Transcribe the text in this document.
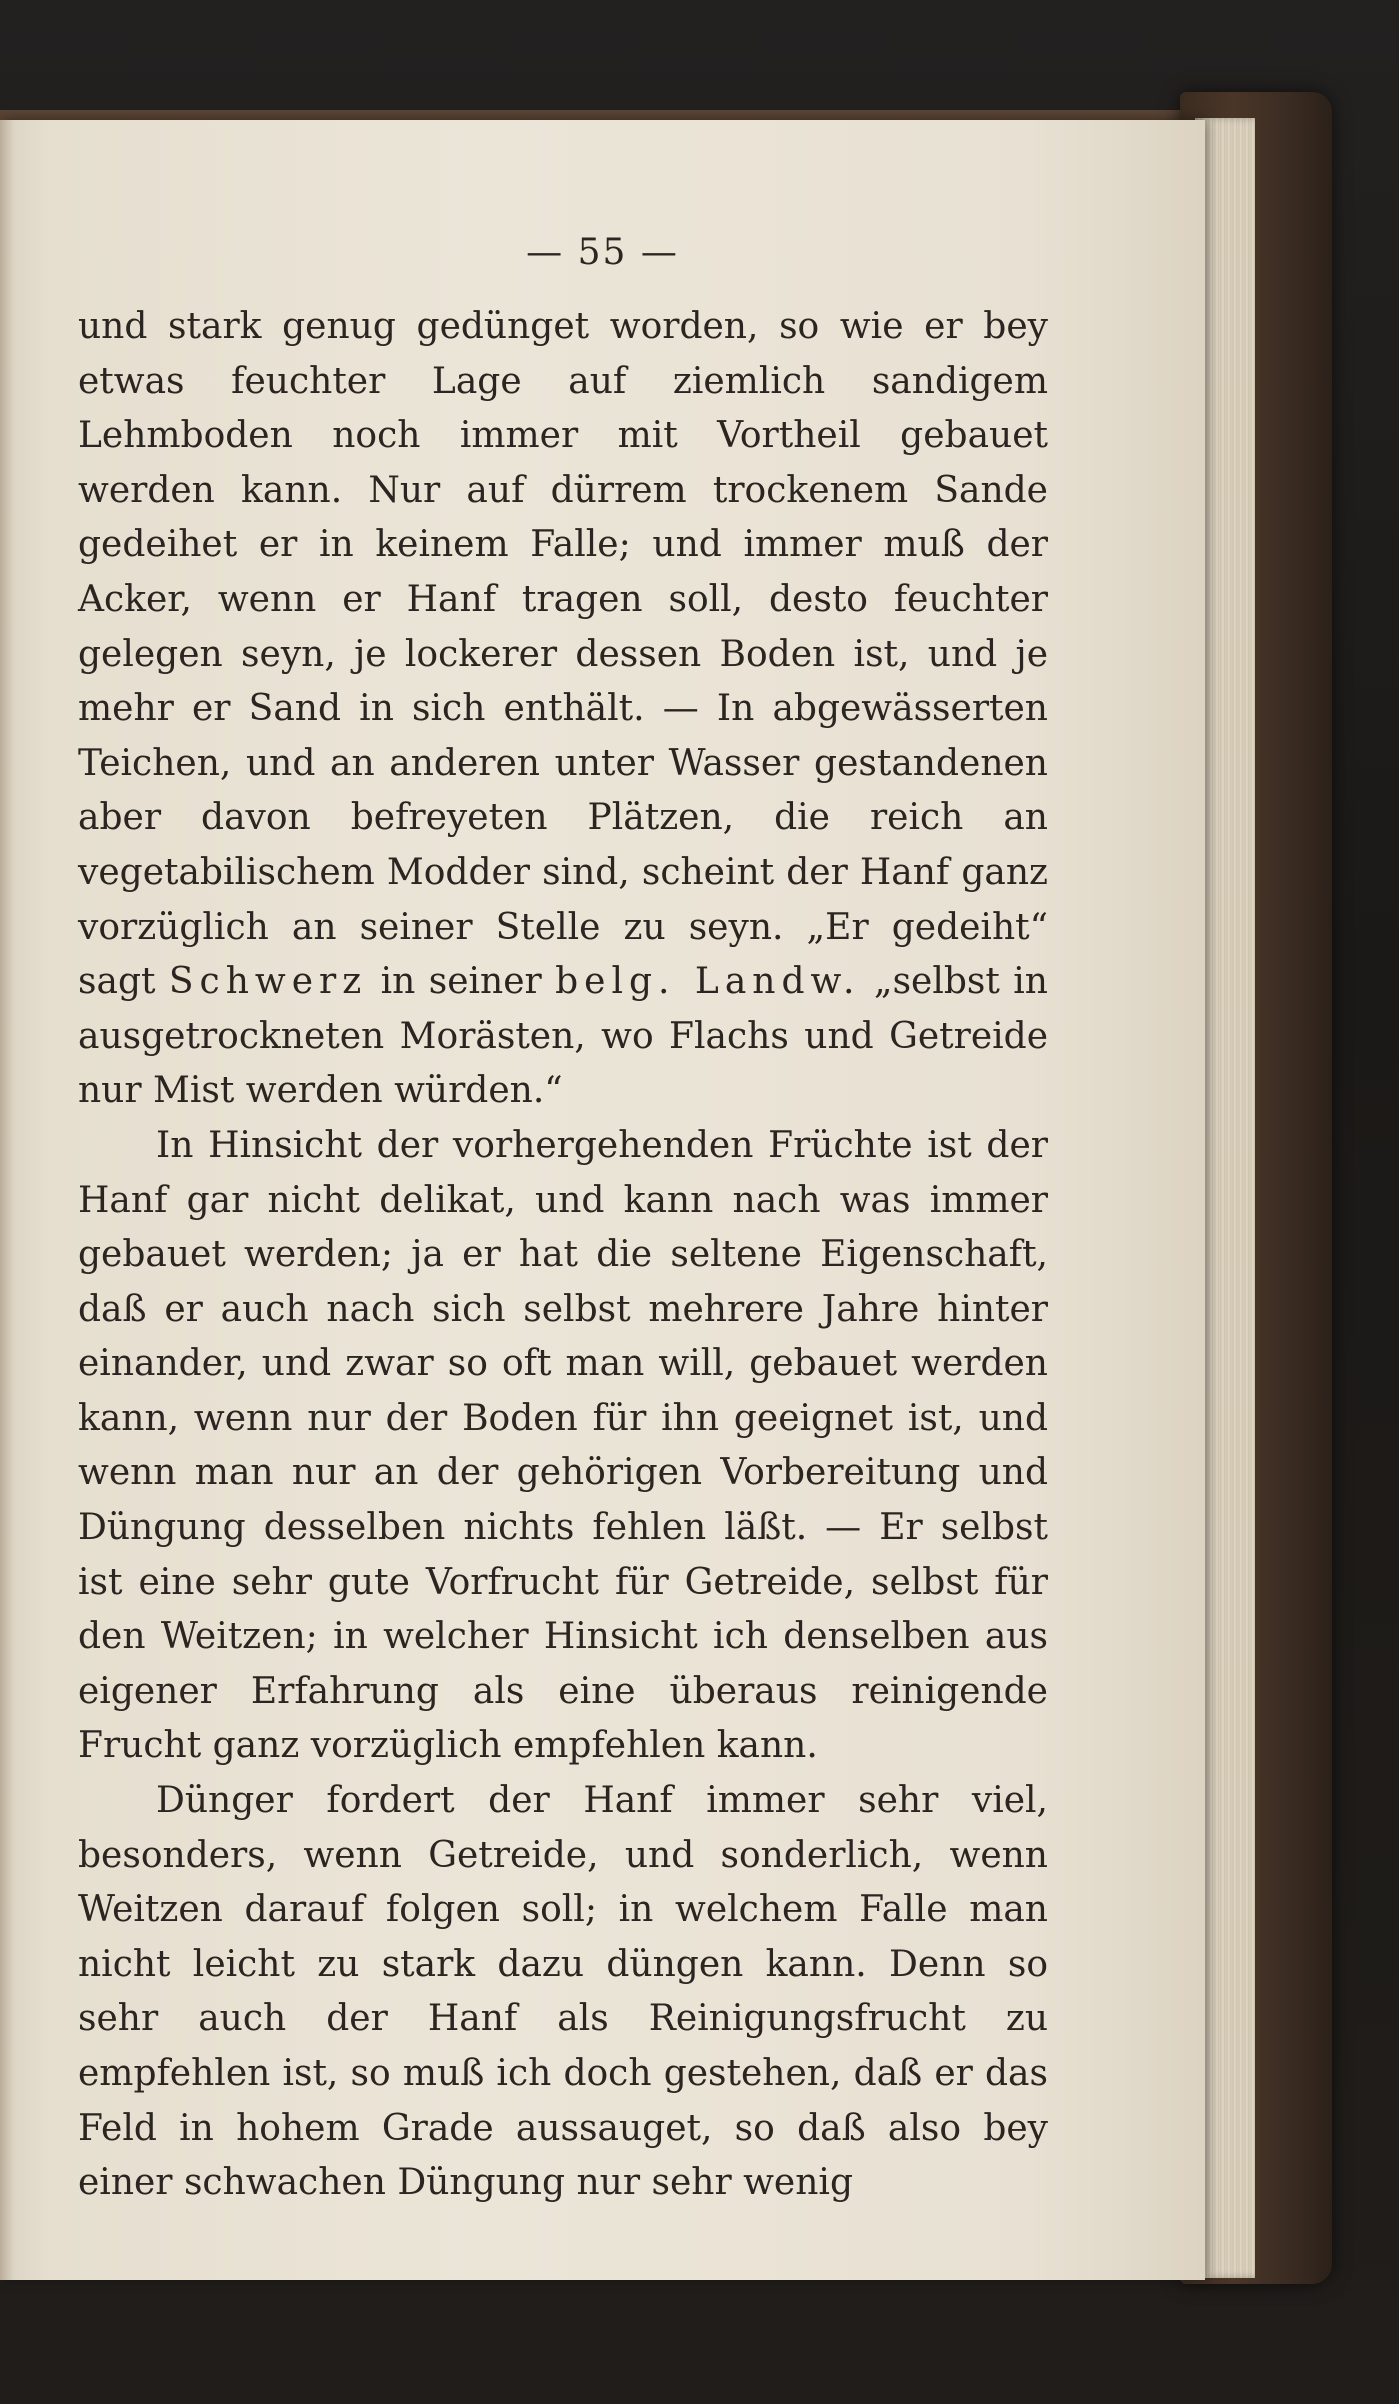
— 55 —

und stark genug gedünget worden, so wie er bey etwas feuchter Lage auf ziemlich sandigem Lehmboden noch immer mit Vortheil gebauet werden kann. Nur auf dürrem trockenem Sande gedeihet er in keinem Falle; und immer muß der Acker, wenn er Hanf tragen soll, desto feuchter gelegen seyn, je lockerer dessen Boden ist, und je mehr er Sand in sich enthält. — In abgewässerten Teichen, und an anderen unter Wasser gestandenen aber davon befreyeten Plätzen, die reich an vegetabilischem Modder sind, scheint der Hanf ganz vorzüglich an seiner Stelle zu seyn. „Er gedeiht“ sagt Schwerz in seiner belg. Landw. „selbst in ausgetrockneten Morästen, wo Flachs und Getreide nur Mist werden würden.“

In Hinsicht der vorhergehenden Früchte ist der Hanf gar nicht delikat, und kann nach was immer gebauet werden; ja er hat die seltene Eigenschaft, daß er auch nach sich selbst mehrere Jahre hinter einander, und zwar so oft man will, gebauet werden kann, wenn nur der Boden für ihn geeignet ist, und wenn man nur an der gehörigen Vorbereitung und Düngung desselben nichts fehlen läßt. — Er selbst ist eine sehr gute Vorfrucht für Getreide, selbst für den Weitzen; in welcher Hinsicht ich denselben aus eigener Erfahrung als eine überaus reinigende Frucht ganz vorzüglich empfehlen kann.

Dünger fordert der Hanf immer sehr viel, besonders, wenn Getreide, und sonderlich, wenn Weitzen darauf folgen soll; in welchem Falle man nicht leicht zu stark dazu düngen kann. Denn so sehr auch der Hanf als Reinigungsfrucht zu empfehlen ist, so muß ich doch gestehen, daß er das Feld in hohem Grade aussauget, so daß also bey einer schwachen Düngung nur sehr wenig
